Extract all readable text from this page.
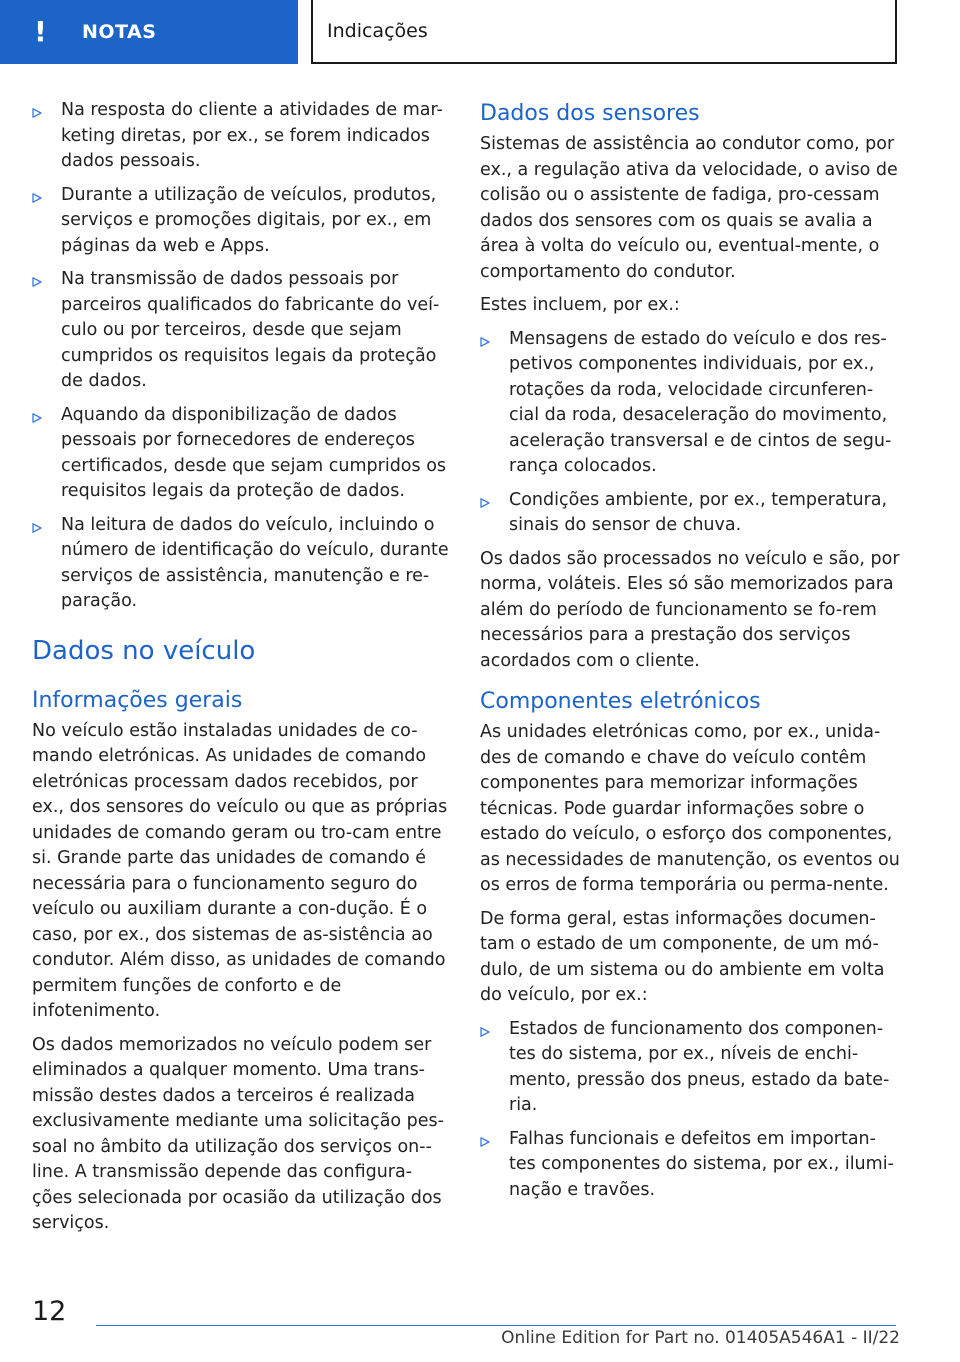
!	NOTAS	Indicações
Na resposta do cliente a atividades de mar-keting diretas, por ex., se forem indicados dados pessoais.
Durante a utilização de veículos, produtos, serviços e promoções digitais, por ex., em páginas da web e Apps.
Na transmissão de dados pessoais por parceiros qualificados do fabricante do veí-culo ou por terceiros, desde que sejam cumpridos os requisitos legais da proteção de dados.
Aquando da disponibilização de dados pessoais por fornecedores de endereços certificados, desde que sejam cumpridos os requisitos legais da proteção de dados.
Na leitura de dados do veículo, incluindo o número de identificação do veículo, durante serviços de assistência, manutenção e re-paração.
Dados no veículo
Informações gerais

No veículo estão instaladas unidades de co-mando eletrónicas. As unidades de comando eletrónicas processam dados recebidos, por ex., dos sensores do veículo ou que as próprias unidades de comando geram ou tro-cam entre si. Grande parte das unidades de comando é necessária para o funcionamento seguro do veículo ou auxiliam durante a con-dução. É o caso, por ex., dos sistemas de as-sistência ao condutor. Além disso, as unidades de comando permitem funções de conforto e de infotenimento.

Os dados memorizados no veículo podem ser eliminados a qualquer momento. Uma trans-missão destes dados a terceiros é realizada exclusivamente mediante uma solicitação pes-soal no âmbito da utilização dos serviços on--line. A transmissão depende das configura-ções selecionada por ocasião da utilização dos serviços.

Dados dos sensores

Sistemas de assistência ao condutor como, por ex., a regulação ativa da velocidade, o aviso de colisão ou o assistente de fadiga, pro-cessam dados dos sensores com os quais se avalia a área à volta do veículo ou, eventual-mente, o comportamento do condutor.

Estes incluem, por ex.:

Mensagens de estado do veículo e dos res-petivos componentes individuais, por ex., rotações da roda, velocidade circunferen-cial da roda, desaceleração do movimento, aceleração transversal e de cintos de segu-rança colocados.
Condições ambiente, por ex., temperatura, sinais do sensor de chuva.

Os dados são processados no veículo e são, por norma, voláteis. Eles só são memorizados para além do período de funcionamento se fo-rem necessários para a prestação dos serviços acordados com o cliente.

Componentes eletrónicos

As unidades eletrónicas como, por ex., unida-des de comando e chave do veículo contêm componentes para memorizar informações técnicas. Pode guardar informações sobre o estado do veículo, o esforço dos componentes, as necessidades de manutenção, os eventos ou os erros de forma temporária ou perma-nente.

De forma geral, estas informações documen-tam o estado de um componente, de um mó-dulo, de um sistema ou do ambiente em volta do veículo, por ex.:

Estados de funcionamento dos componen-tes do sistema, por ex., níveis de enchi-mento, pressão dos pneus, estado da bate-ria.
Falhas funcionais e defeitos em importan-tes componentes do sistema, por ex., ilumi-nação e travões.
12
Online Edition for Part no. 01405A546A1 - II/22
